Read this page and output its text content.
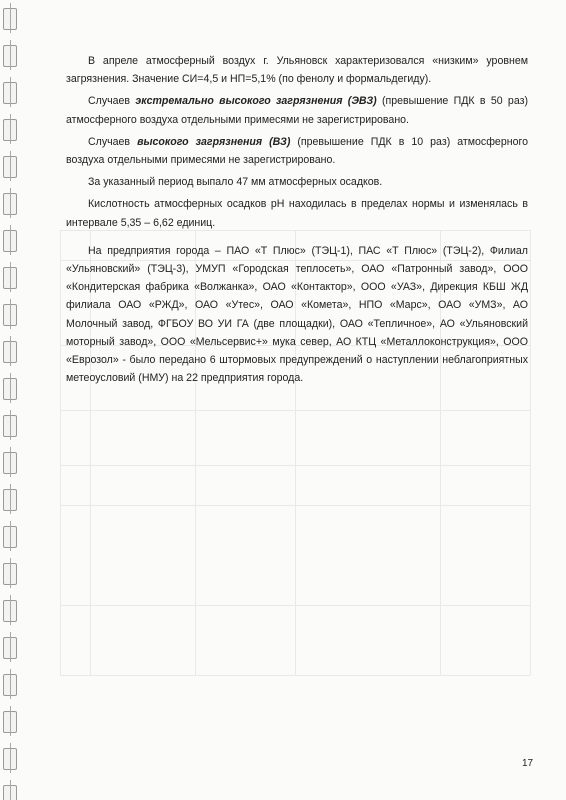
В апреле атмосферный воздух г. Ульяновск характеризовался «низким» уровнем загрязнения. Значение СИ=4,5 и НП=5,1% (по фенолу и формальдегиду).

Случаев экстремально высокого загрязнения (ЭВЗ) (превышение ПДК в 50 раз) атмосферного воздуха отдельными примесями не зарегистрировано.

Случаев высокого загрязнения (ВЗ) (превышение ПДК в 10 раз) атмосферного воздуха отдельными примесями не зарегистрировано.

За указанный период выпало 47 мм атмосферных осадков.

Кислотность атмосферных осадков pH находилась в пределах нормы и изменялась в интервале 5,35 – 6,62 единиц.

На предприятия города – ПАО «Т Плюс» (ТЭЦ-1), ПАС «Т Плюс» (ТЭЦ-2), Филиал «Ульяновский» (ТЭЦ-3), УМУП «Городская теплосеть», ОАО «Патронный завод», ООО «Кондитерская фабрика «Волжанка», ОАО «Контактор», ООО «УАЗ», Дирекция КБШ ЖД филиала ОАО «РЖД», ОАО «Утес», ОАО «Комета», НПО «Марс», ОАО «УМЗ», АО Молочный завод, ФГБОУ ВО УИ ГА (две площадки), ОАО «Тепличное», АО «Ульяновский моторный завод», ООО «Мельсервис+» мука север, АО КТЦ «Металлоконструкция», ООО «Еврозол» - было передано 6 штормовых предупреждений о наступлении неблагоприятных метеоусловий (НМУ) на 22 предприятия города.

17
